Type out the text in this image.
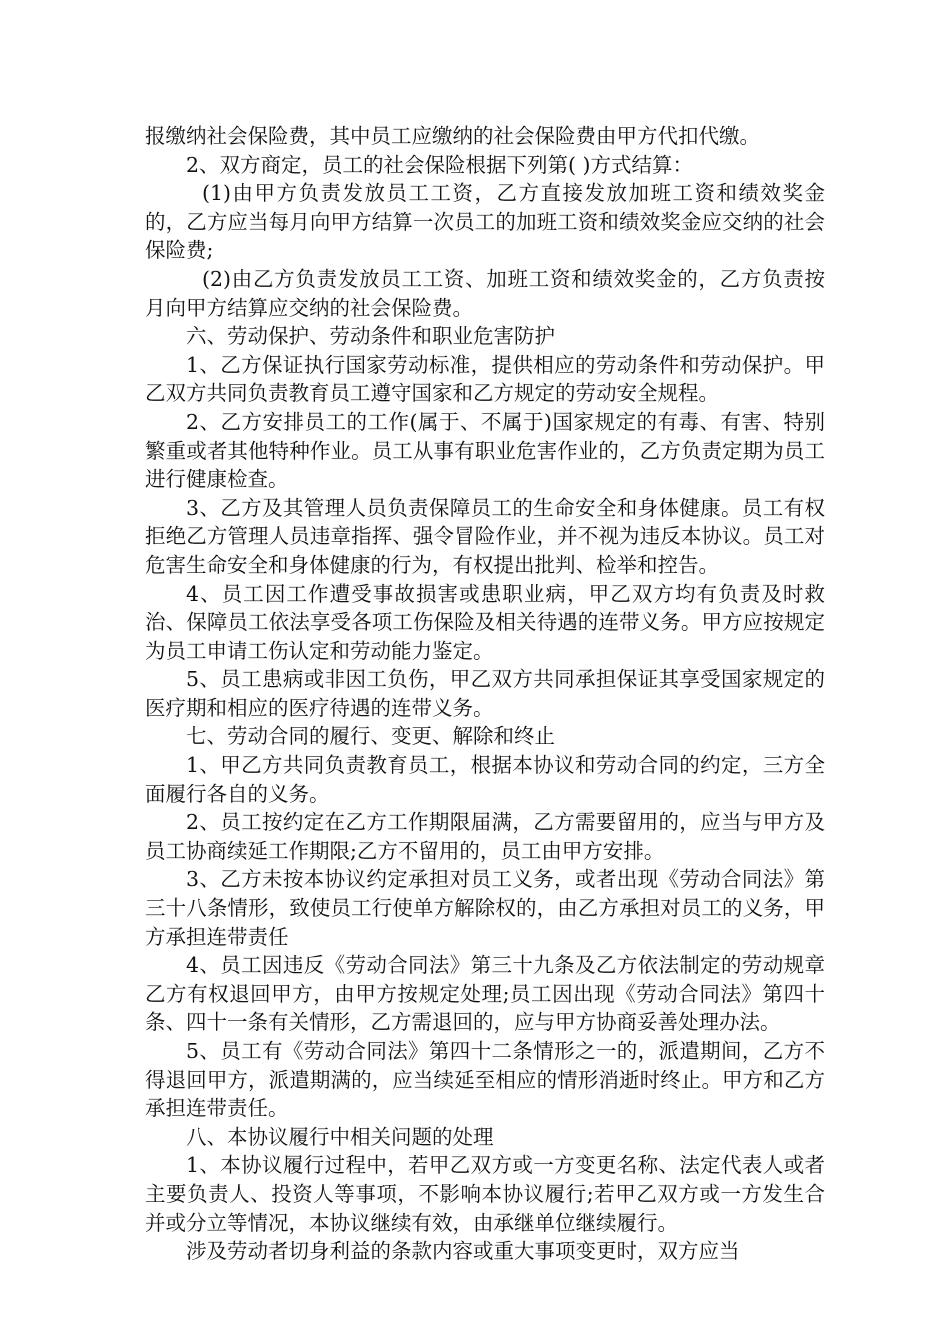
报缴纳社会保险费，其中员工应缴纳的社会保险费由甲方代扣代缴。

2、双方商定，员工的社会保险根据下列第( )方式结算：

(1)由甲方负责发放员工工资，乙方直接发放加班工资和绩效奖金的，乙方应当每月向甲方结算一次员工的加班工资和绩效奖金应交纳的社会保险费;

(2)由乙方负责发放员工工资、加班工资和绩效奖金的，乙方负责按月向甲方结算应交纳的社会保险费。

六、劳动保护、劳动条件和职业危害防护

1、乙方保证执行国家劳动标准，提供相应的劳动条件和劳动保护。甲乙双方共同负责教育员工遵守国家和乙方规定的劳动安全规程。

2、乙方安排员工的工作(属于、不属于)国家规定的有毒、有害、特别繁重或者其他特种作业。员工从事有职业危害作业的，乙方负责定期为员工进行健康检查。

3、乙方及其管理人员负责保障员工的生命安全和身体健康。员工有权拒绝乙方管理人员违章指挥、强令冒险作业，并不视为违反本协议。员工对危害生命安全和身体健康的行为，有权提出批判、检举和控告。

4、员工因工作遭受事故损害或患职业病，甲乙双方均有负责及时救治、保障员工依法享受各项工伤保险及相关待遇的连带义务。甲方应按规定为员工申请工伤认定和劳动能力鉴定。

5、员工患病或非因工负伤，甲乙双方共同承担保证其享受国家规定的医疗期和相应的医疗待遇的连带义务。

七、劳动合同的履行、变更、解除和终止

1、甲乙方共同负责教育员工，根据本协议和劳动合同的约定，三方全面履行各自的义务。

2、员工按约定在乙方工作期限届满，乙方需要留用的，应当与甲方及员工协商续延工作期限;乙方不留用的，员工由甲方安排。

3、乙方未按本协议约定承担对员工义务，或者出现《劳动合同法》第三十八条情形，致使员工行使单方解除权的，由乙方承担对员工的义务，甲方承担连带责任

4、员工因违反《劳动合同法》第三十九条及乙方依法制定的劳动规章乙方有权退回甲方，由甲方按规定处理;员工因出现《劳动合同法》第四十条、四十一条有关情形，乙方需退回的，应与甲方协商妥善处理办法。

5、员工有《劳动合同法》第四十二条情形之一的，派遣期间，乙方不得退回甲方，派遣期满的，应当续延至相应的情形消逝时终止。甲方和乙方承担连带责任。

八、本协议履行中相关问题的处理

1、本协议履行过程中，若甲乙双方或一方变更名称、法定代表人或者主要负责人、投资人等事项，不影响本协议履行;若甲乙双方或一方发生合并或分立等情况，本协议继续有效，由承继单位继续履行。

涉及劳动者切身利益的条款内容或重大事项变更时，双方应当
